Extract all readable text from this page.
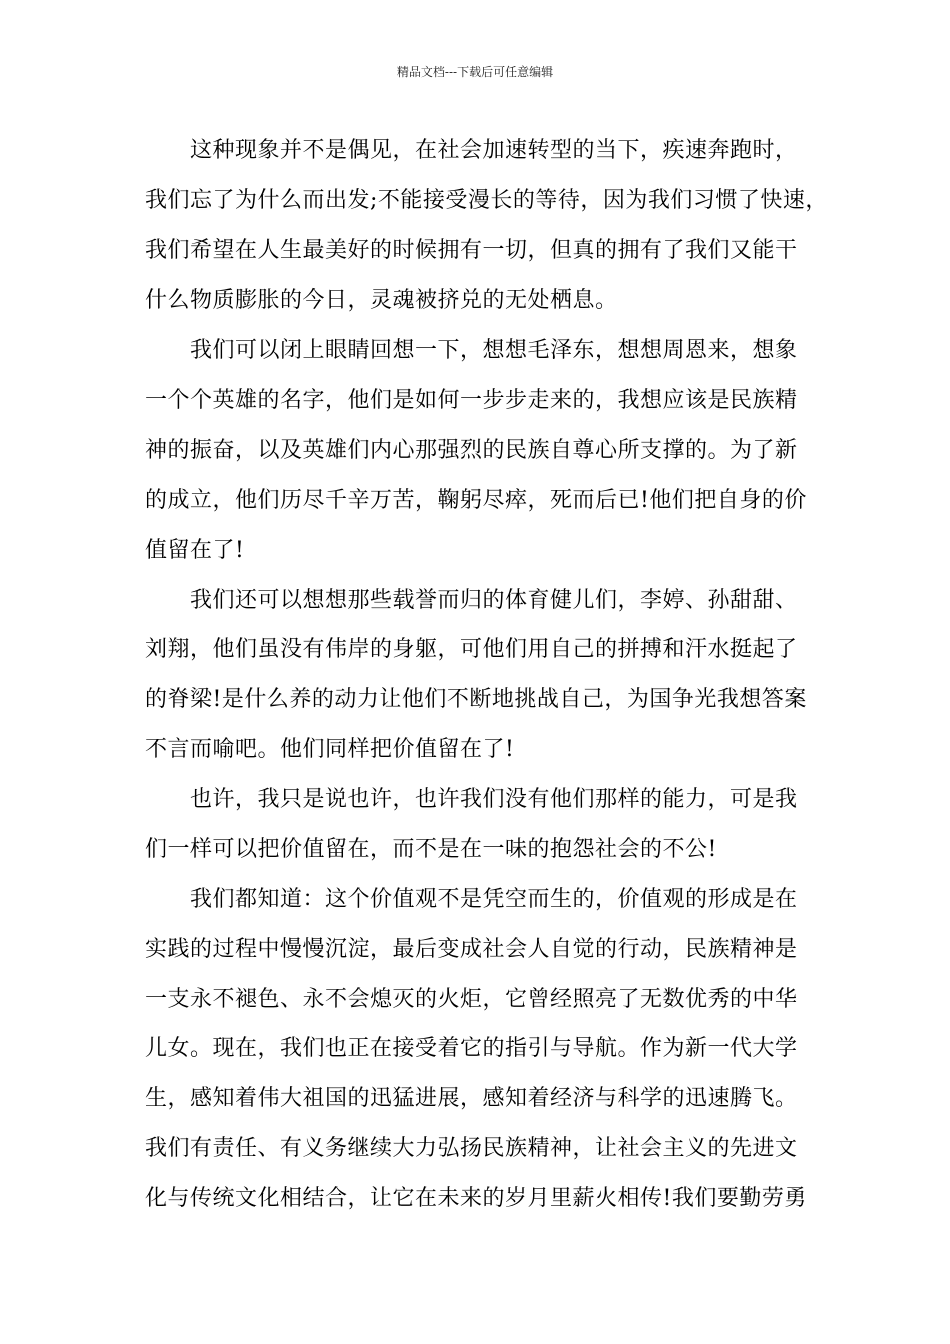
精品文档---下载后可任意编辑
这种现象并不是偶见，在社会加速转型的当下，疾速奔跑时，
我们忘了为什么而出发;不能接受漫长的等待，因为我们习惯了快速，
我们希望在人生最美好的时候拥有一切，但真的拥有了我们又能干
什么物质膨胀的今日，灵魂被挤兑的无处栖息。
我们可以闭上眼睛回想一下，想想毛泽东，想想周恩来，想象
一个个英雄的名字，他们是如何一步步走来的，我想应该是民族精
神的振奋，以及英雄们内心那强烈的民族自尊心所支撑的。为了新
的成立，他们历尽千辛万苦，鞠躬尽瘁，死而后已!他们把自身的价
值留在了!
我们还可以想想那些载誉而归的体育健儿们，李婷、孙甜甜、
刘翔，他们虽没有伟岸的身躯，可他们用自己的拼搏和汗水挺起了
的脊梁!是什么养的动力让他们不断地挑战自己，为国争光我想答案
不言而喻吧。他们同样把价值留在了!
也许，我只是说也许，也许我们没有他们那样的能力，可是我
们一样可以把价值留在，而不是在一味的抱怨社会的不公!
我们都知道：这个价值观不是凭空而生的，价值观的形成是在
实践的过程中慢慢沉淀，最后变成社会人自觉的行动，民族精神是
一支永不褪色、永不会熄灭的火炬，它曾经照亮了无数优秀的中华
儿女。现在，我们也正在接受着它的指引与导航。作为新一代大学
生，感知着伟大祖国的迅猛进展，感知着经济与科学的迅速腾飞。
我们有责任、有义务继续大力弘扬民族精神，让社会主义的先进文
化与传统文化相结合，让它在未来的岁月里薪火相传!我们要勤劳勇
